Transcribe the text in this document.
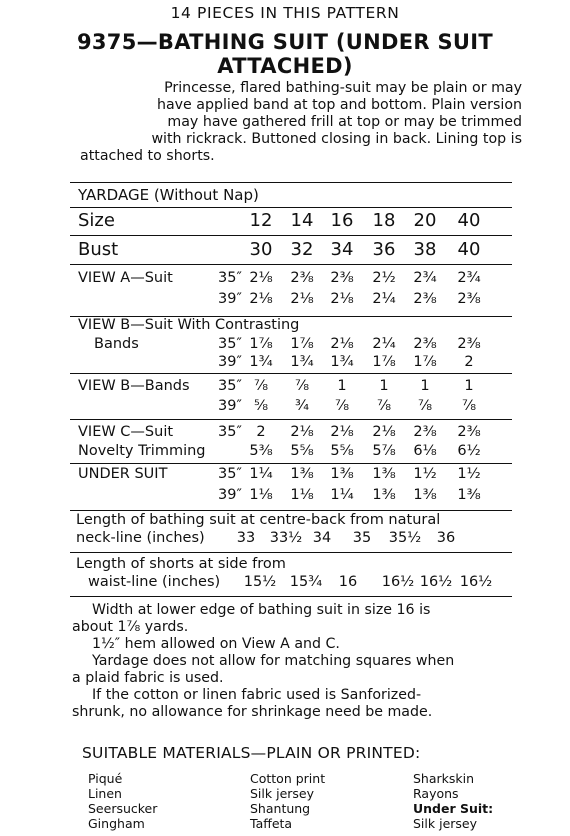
14 PIECES IN THIS PATTERN
9375—BATHING SUIT (UNDER SUIT
ATTACHED)
Princesse, flared bathing-suit may be plain or may
have applied band at top and bottom. Plain version
may have gathered frill at top or may be trimmed
with rickrack. Buttoned closing in back. Lining top is
attached to shorts.
YARDAGE (Without Nap)
Size	12	14 16	18	20	40
Bust	30	32 34	36	38	40
VIEW A—Suit	35″ 2⅛	2⅜	2⅜	2½	2¾	2¾
39″ 2⅛	2⅛	2⅛	2¼	2⅜	2⅜
VIEW B—Suit With Contrasting
Bands	35″ 1⅞	1⅞	2⅛	2¼	2⅜	2⅜
39″ 1¾	1¾	1¾	1⅞	1⅞	2
VIEW B—Bands 35″ ⅞	⅞	1	1	1	1
39″ ⅝	¾	⅞	⅞	⅞	⅞
VIEW C—Suit	35″	2	2⅛	2⅛	2⅛	2⅜	2⅜
Novelty Trimming	5⅜	5⅝	5⅝	5⅞	6⅛	6½
UNDER SUIT	35″ 1¼	1⅜	1⅜	1⅜	1½	1½
39″ 1⅛	1⅛	1¼	1⅜	1⅜	1⅜
Length of bathing suit at centre-back from natural
neck-line (inches)	33	33½ 34	35	35½	36
Length of shorts at side from
waist-line (inches) 15½ 15¾	16	16½ 16½ 16½
Width at lower edge of bathing suit in size 16 is
about 1⅞ yards.
1½″ hem allowed on View A and C.
Yardage does not allow for matching squares when
a plaid fabric is used.
If the cotton or linen fabric used is Sanforized-
shrunk, no allowance for shrinkage need be made.
SUITABLE MATERIALS—PLAIN OR PRINTED:
Piqué
Linen
Seersucker
Gingham
Cotton print
Silk jersey
Shantung
Taffeta
Sharkskin
Rayons
Under Suit:
Silk jersey
